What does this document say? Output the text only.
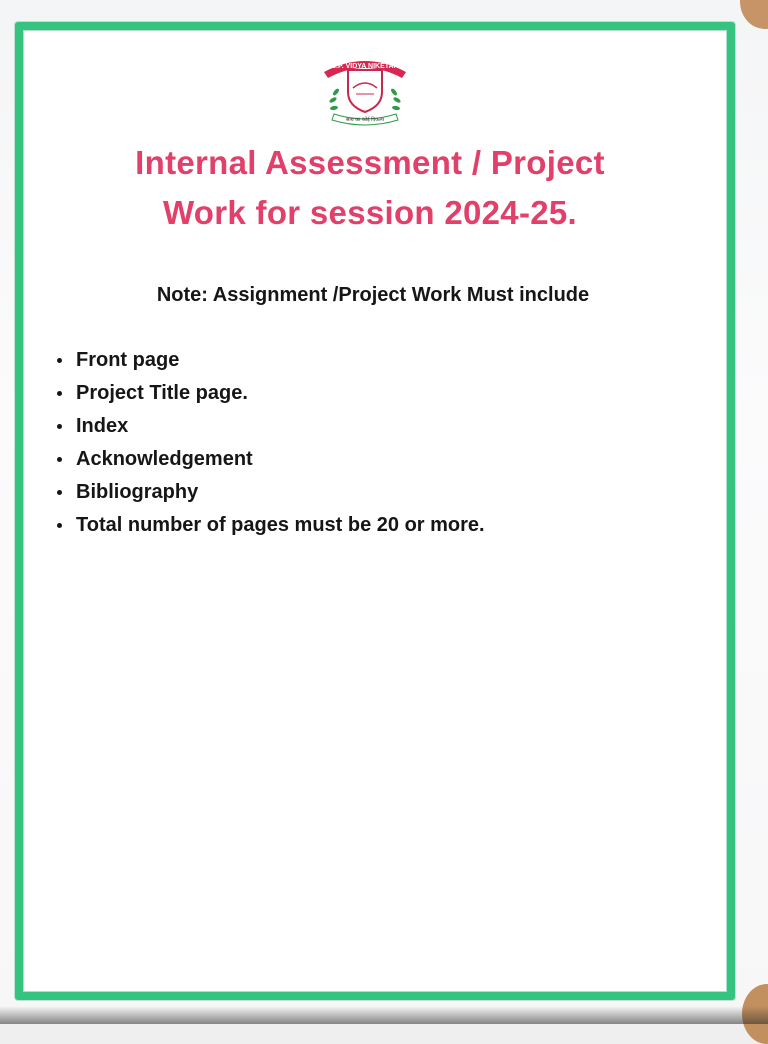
S.P. VIDYA NIKETAN
सत्य का कोई विकल्प
Internal Assessment / Project
Work for session 2024-25.
Note: Assignment /Project Work Must include
Front page
Project Title page.
Index
Acknowledgement
Bibliography
Total number of pages must be 20 or more.
